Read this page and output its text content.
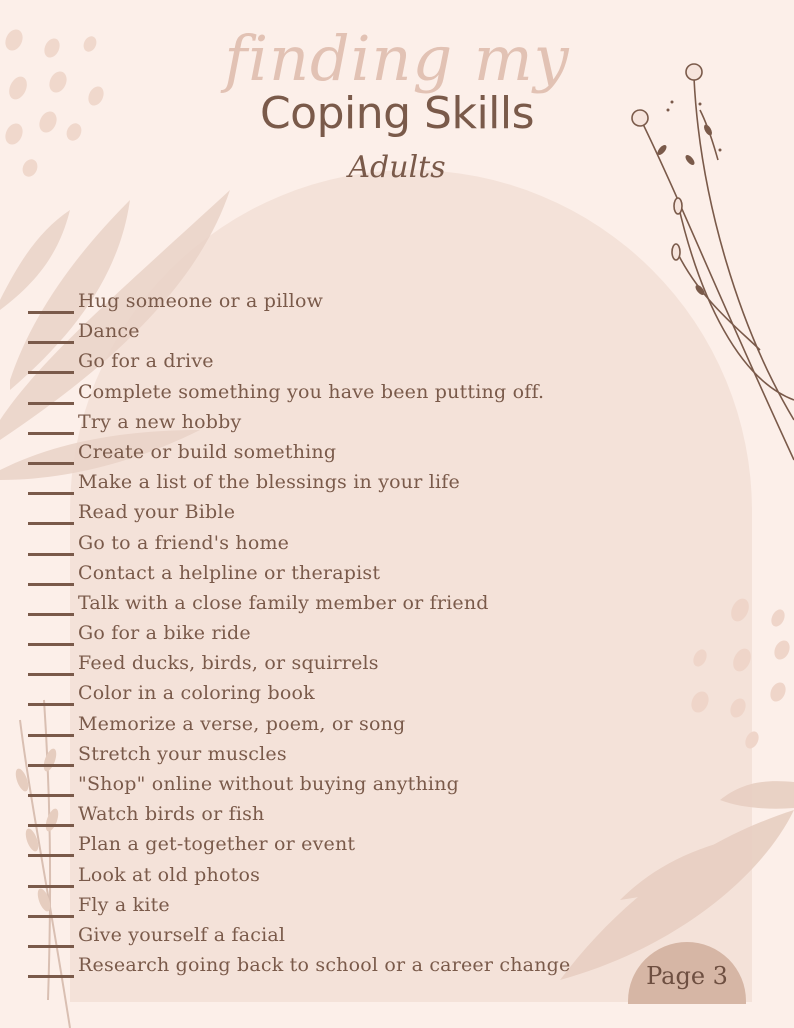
finding my
Coping Skills
Adults
Hug someone or a pillow
Dance
Go for a drive
Complete something you have been putting off.
Try a new hobby
Create or build something
Make a list of the blessings in your life
Read your Bible
Go to a friend's home
Contact a helpline or therapist
Talk with a close family member or friend
Go for a bike ride
Feed ducks, birds, or squirrels
Color in a coloring book
Memorize a verse, poem, or song
Stretch your muscles
"Shop" online without buying anything
Watch birds or fish
Plan a get-together or event
Look at old photos
Fly a kite
Give yourself a facial
Research going back to school or a career change	Page 3
